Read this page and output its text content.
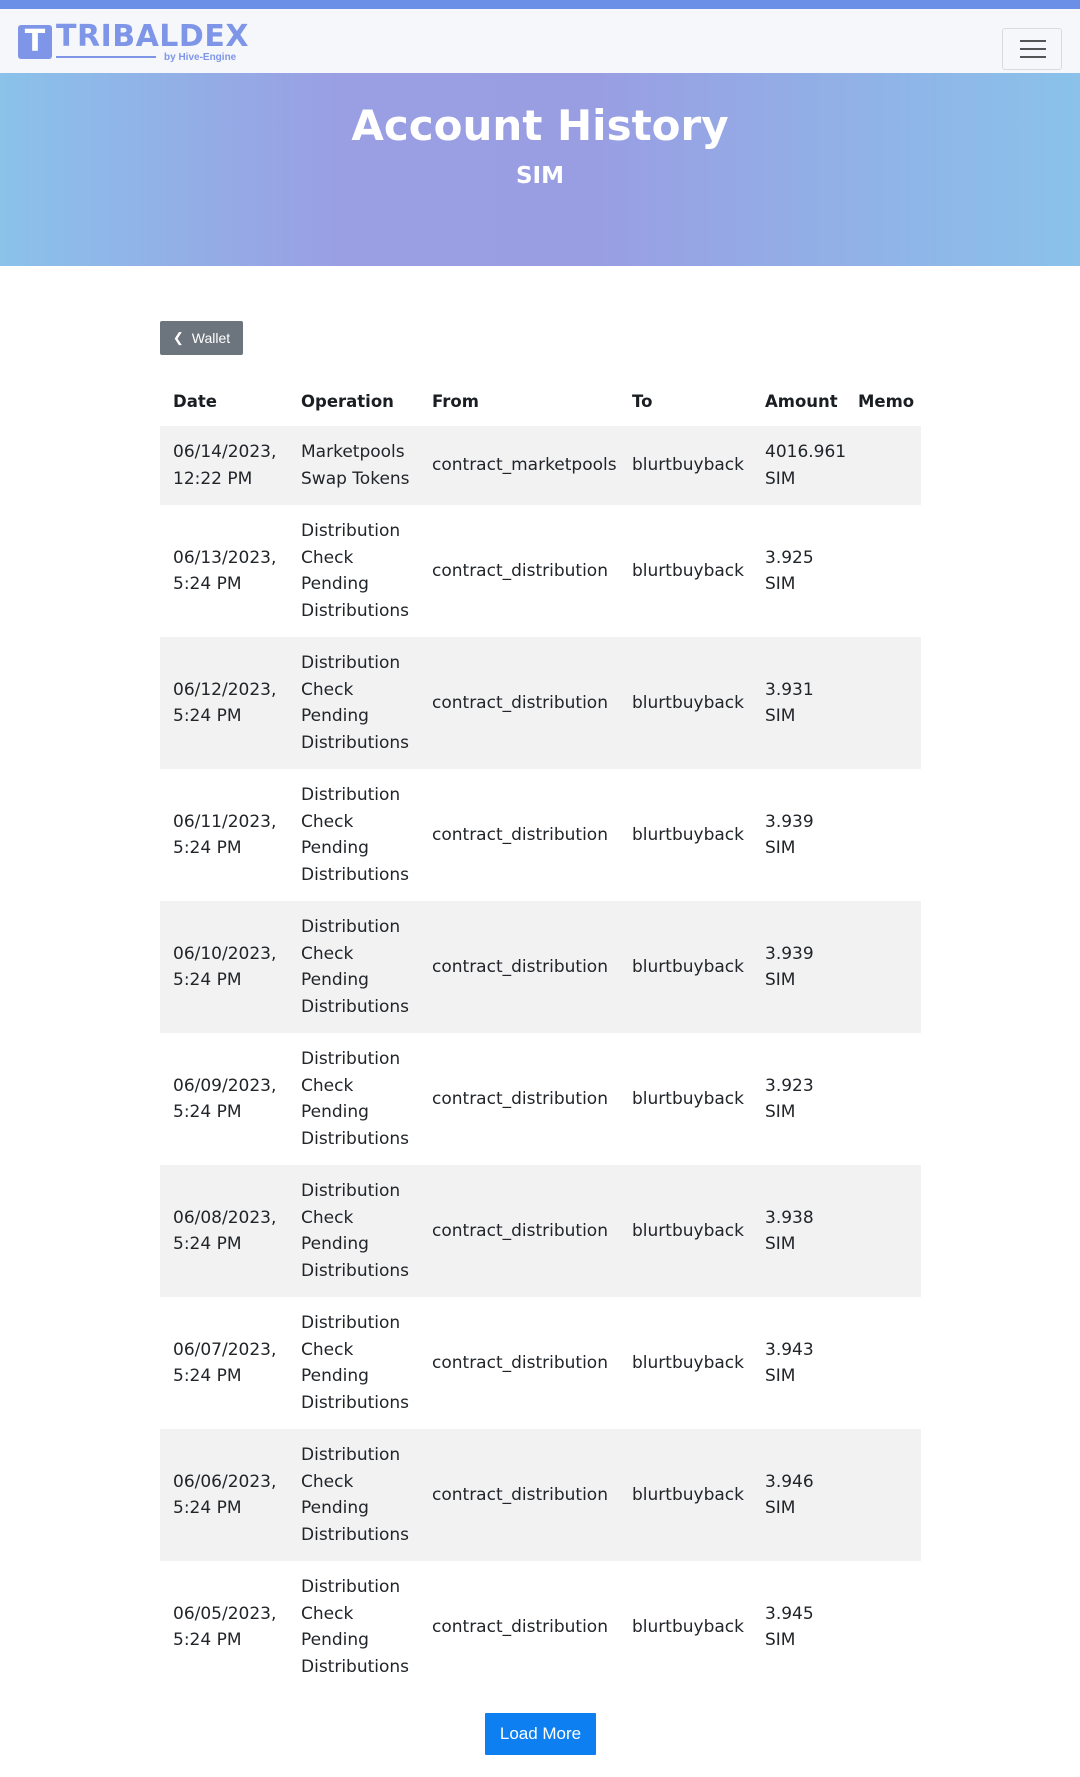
T TRIBALDEX
by Hive-Engine
Account History
SIM
❮ Wallet
Date	Operation	From	To	Amount	Memo
06/14/2023, 12:22 PM	Marketpools Swap Tokens	contract_marketpools	blurtbuyback	4016.961 SIM	
06/13/2023, 5:24 PM	Distribution Check Pending Distributions	contract_distribution	blurtbuyback	3.925 SIM	
06/12/2023, 5:24 PM	Distribution Check Pending Distributions	contract_distribution	blurtbuyback	3.931 SIM	
06/11/2023, 5:24 PM	Distribution Check Pending Distributions	contract_distribution	blurtbuyback	3.939 SIM	
06/10/2023, 5:24 PM	Distribution Check Pending Distributions	contract_distribution	blurtbuyback	3.939 SIM	
06/09/2023, 5:24 PM	Distribution Check Pending Distributions	contract_distribution	blurtbuyback	3.923 SIM	
06/08/2023, 5:24 PM	Distribution Check Pending Distributions	contract_distribution	blurtbuyback	3.938 SIM	
06/07/2023, 5:24 PM	Distribution Check Pending Distributions	contract_distribution	blurtbuyback	3.943 SIM	
06/06/2023, 5:24 PM	Distribution Check Pending Distributions	contract_distribution	blurtbuyback	3.946 SIM	
06/05/2023, 5:24 PM	Distribution Check Pending Distributions	contract_distribution	blurtbuyback	3.945 SIM	
Load More
